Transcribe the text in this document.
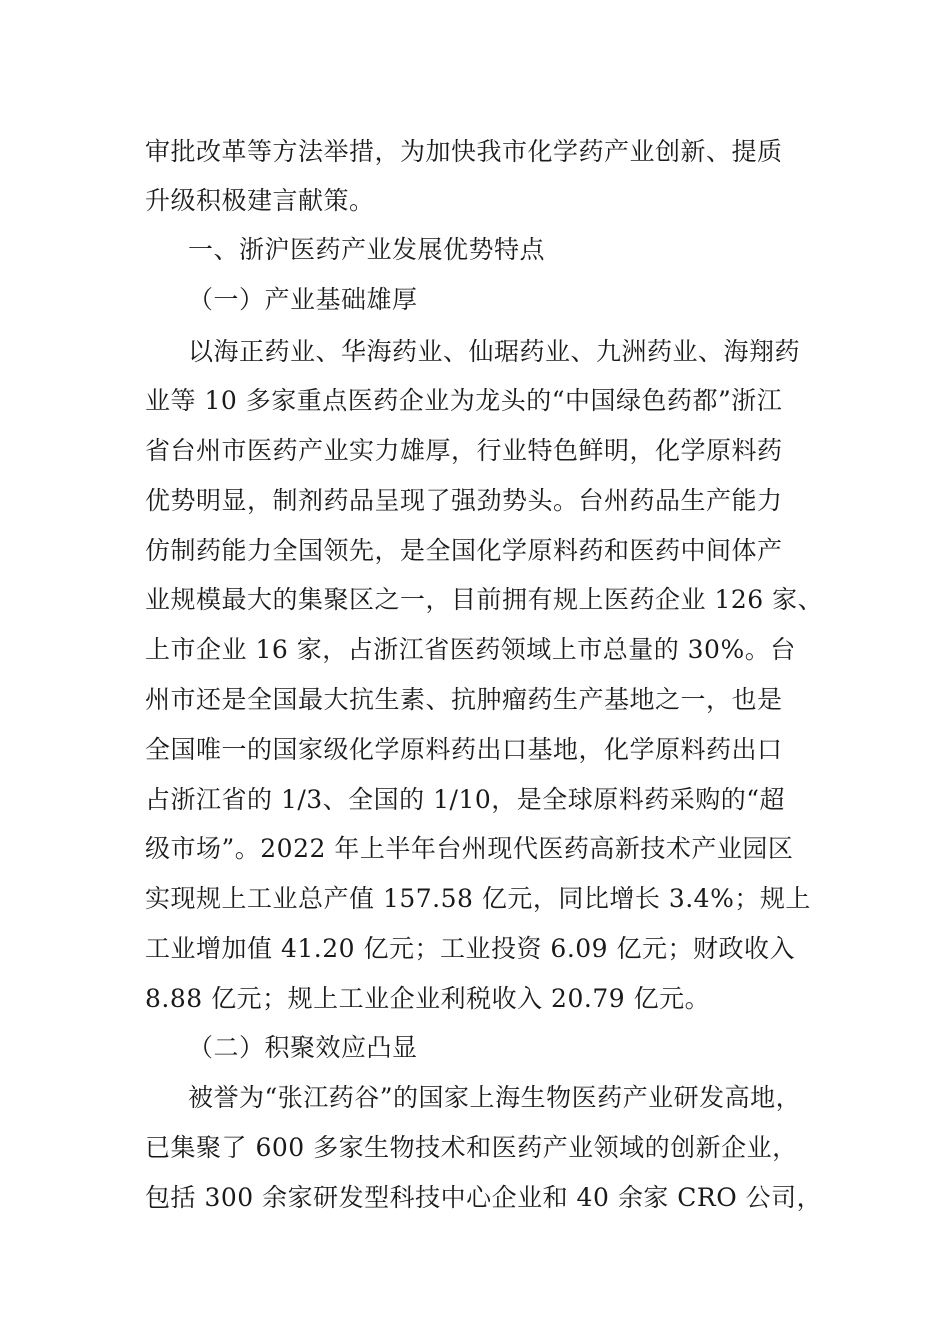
审批改革等方法举措，为加快我市化学药产业创新、提质
升级积极建言献策。
一、浙沪医药产业发展优势特点
（一）产业基础雄厚
以海正药业、华海药业、仙琚药业、九洲药业、海翔药
业等 10 多家重点医药企业为龙头的“中国绿色药都”浙江
省台州市医药产业实力雄厚，行业特色鲜明，化学原料药
优势明显，制剂药品呈现了强劲势头。台州药品生产能力
仿制药能力全国领先，是全国化学原料药和医药中间体产
业规模最大的集聚区之一，目前拥有规上医药企业 126 家、
上市企业 16 家，占浙江省医药领域上市总量的 30%。台
州市还是全国最大抗生素、抗肿瘤药生产基地之一，也是
全国唯一的国家级化学原料药出口基地，化学原料药出口
占浙江省的 1/3、全国的 1/10，是全球原料药采购的“超
级市场”。2022 年上半年台州现代医药高新技术产业园区
实现规上工业总产值 157.58 亿元，同比增长 3.4%；规上
工业增加值 41.20 亿元；工业投资 6.09 亿元；财政收入
8.88 亿元；规上工业企业利税收入 20.79 亿元。
（二）积聚效应凸显
被誉为“张江药谷”的国家上海生物医药产业研发高地，
已集聚了 600 多家生物技术和医药产业领域的创新企业，
包括 300 余家研发型科技中心企业和 40 余家 CRO 公司，
